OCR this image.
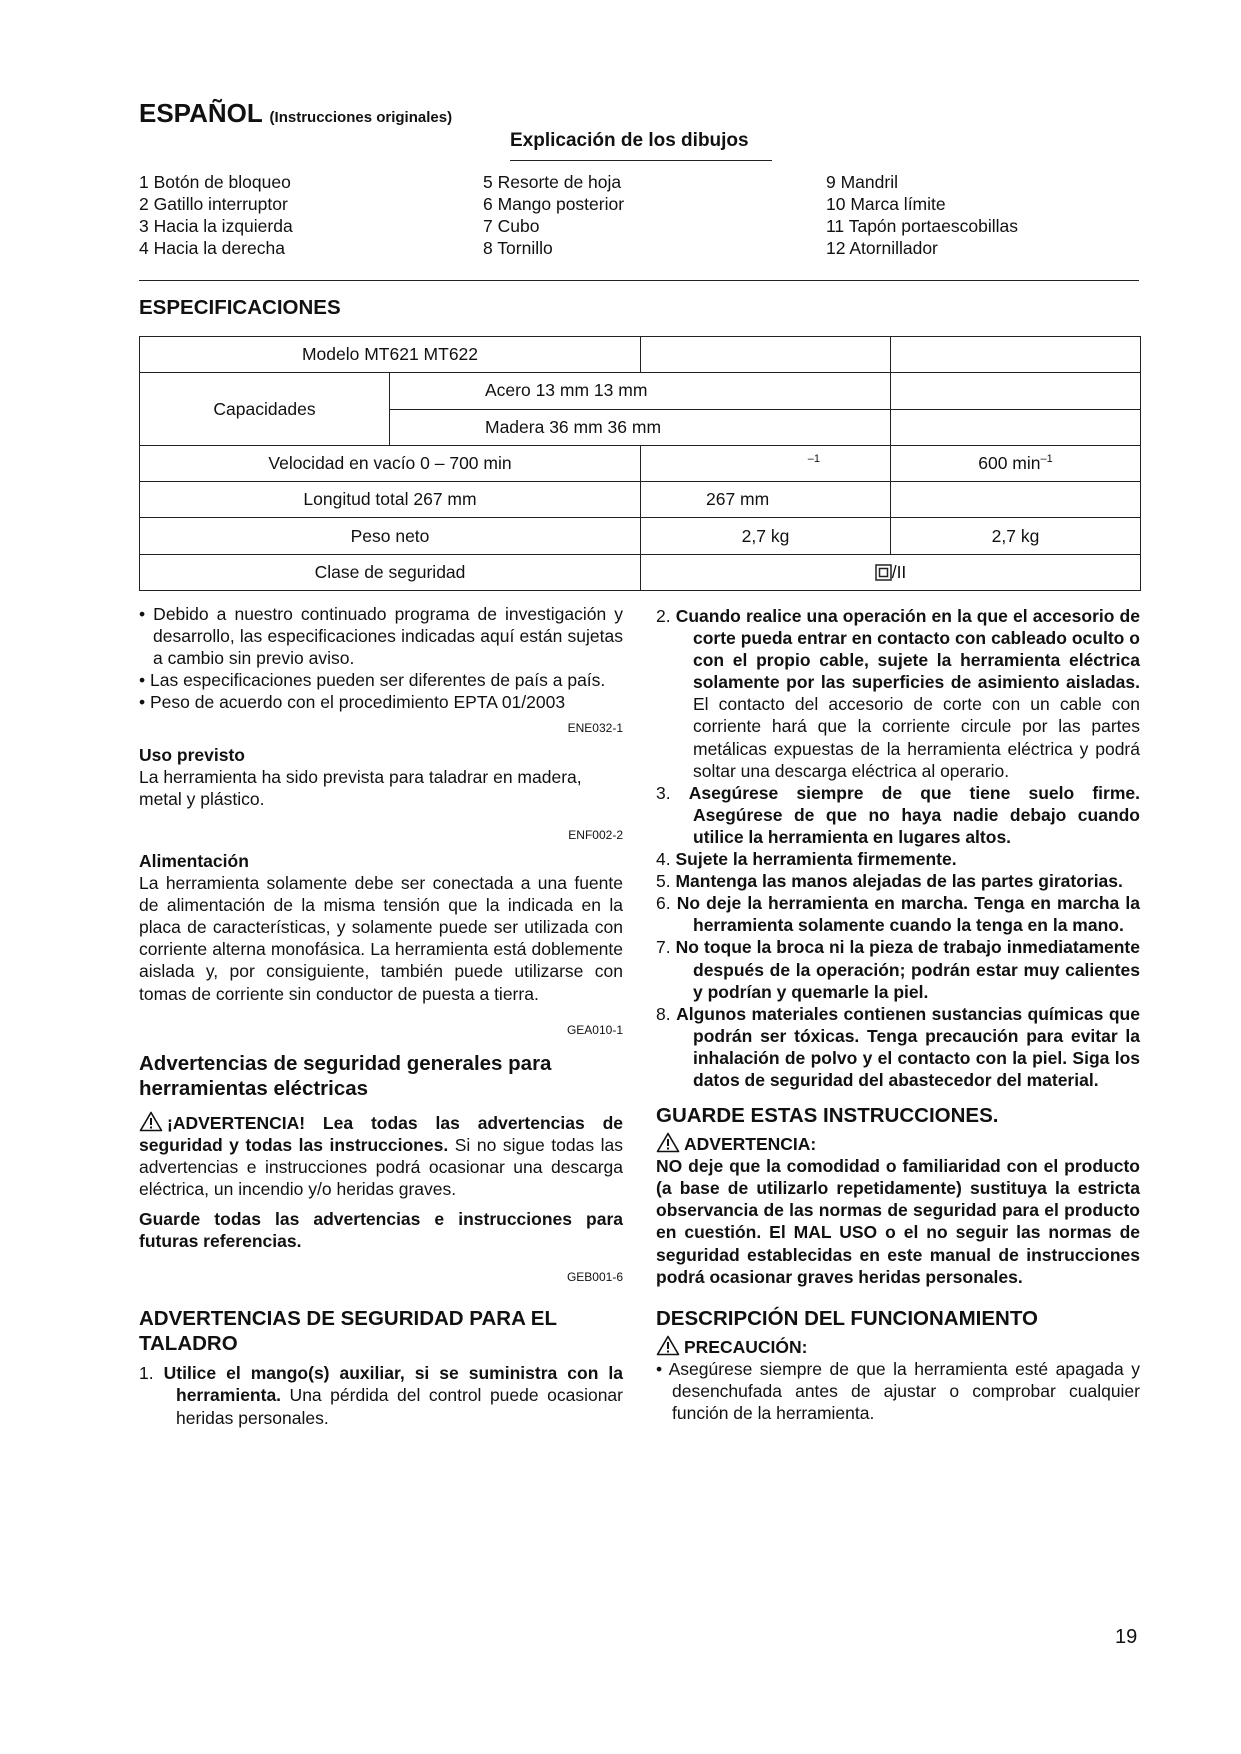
ESPAÑOL (Instrucciones originales)
Explicación de los dibujos
1 Botón de bloqueo
2 Gatillo interruptor
3 Hacia la izquierda
4 Hacia la derecha
5 Resorte de hoja
6 Mango posterior
7 Cubo
8 Tornillo
9 Mandril
10 Marca límite
11 Tapón portaescobillas
12 Atornillador
ESPECIFICACIONES
Modelo MT621 MT622			
Capacidades	Acero 13 mm 13 mm		
	Madera 36 mm 36 mm		
Velocidad en vacío 0 – 700 min		$^{-1}$	600 $\min^{-1}$
Longitud total 267 mm		267 mm	
Peso neto		2,7 kg	2,7 kg
Clase de seguridad		/II	

• Debido a nuestro continuado programa de investigación y desarrollo, las especificaciones indicadas aquí están sujetas a cambio sin previo aviso.

• Las especificaciones pueden ser diferentes de país a país.

• Peso de acuerdo con el procedimiento EPTA 01/2003

ENE032-1

Uso previsto

La herramienta ha sido prevista para taladrar en madera, metal y plástico.

ENF002-2

Alimentación

La herramienta solamente debe ser conectada a una fuente de alimentación de la misma tensión que la indicada en la placa de características, y solamente puede ser utilizada con corriente alterna monofásica. La herramienta está doblemente aislada y, por consiguiente, también puede utilizarse con tomas de corriente sin conductor de puesta a tierra.

GEA010-1

Advertencias de seguridad generales para herramientas eléctricas

¡ADVERTENCIA! Lea todas las advertencias de seguridad y todas las instrucciones. Si no sigue todas las advertencias e instrucciones podrá ocasionar una descarga eléctrica, un incendio y/o heridas graves.

Guarde todas las advertencias e instrucciones para futuras referencias.

GEB001-6

ADVERTENCIAS DE SEGURIDAD PARA EL TALADRO

1. Utilice el mango(s) auxiliar, si se suministra con la herramienta. Una pérdida del control puede ocasionar heridas personales.

2. Cuando realice una operación en la que el accesorio de corte pueda entrar en contacto con cableado oculto o con el propio cable, sujete la herramienta eléctrica solamente por las superficies de asimiento aisladas. El contacto del accesorio de corte con un cable con corriente hará que la corriente circule por las partes metálicas expuestas de la herramienta eléctrica y podrá soltar una descarga eléctrica al operario.

3. Asegúrese siempre de que tiene suelo firme. Asegúrese de que no haya nadie debajo cuando utilice la herramienta en lugares altos.

4. Sujete la herramienta firmemente.

5. Mantenga las manos alejadas de las partes giratorias.

6. No deje la herramienta en marcha. Tenga en marcha la herramienta solamente cuando la tenga en la mano.

7. No toque la broca ni la pieza de trabajo inmediatamente después de la operación; podrán estar muy calientes y podrían y quemarle la piel.

8. Algunos materiales contienen sustancias químicas que podrán ser tóxicas. Tenga precaución para evitar la inhalación de polvo y el contacto con la piel. Siga los datos de seguridad del abastecedor del material.

GUARDE ESTAS INSTRUCCIONES.

ADVERTENCIA:

NO deje que la comodidad o familiaridad con el producto (a base de utilizarlo repetidamente) sustituya la estricta observancia de las normas de seguridad para el producto en cuestión. El MAL USO o el no seguir las normas de seguridad establecidas en este manual de instrucciones podrá ocasionar graves heridas personales.

DESCRIPCIÓN DEL FUNCIONAMIENTO

PRECAUCIÓN:

• Asegúrese siempre de que la herramienta esté apagada y desenchufada antes de ajustar o comprobar cualquier función de la herramienta.

19
